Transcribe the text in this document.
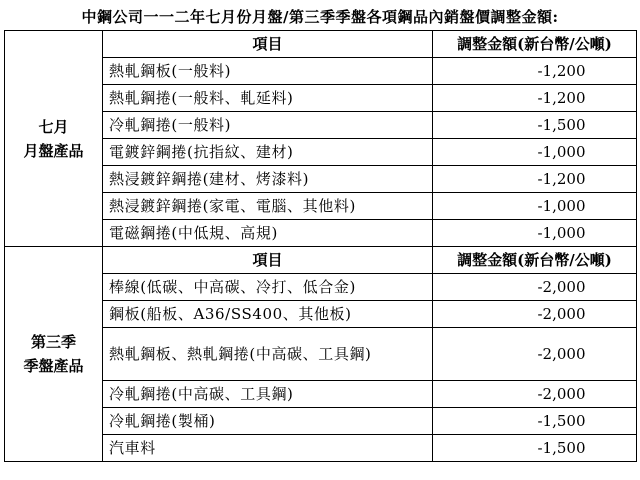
中鋼公司一一二年七月份月盤/第三季季盤各項鋼品內銷盤價調整金額:
七月
月盤產品	項目	調整金額(新台幣/公噸)
	熱軋鋼板(一般料)	-1,200
	熱軋鋼捲(一般料、軋延料)	-1,200
	冷軋鋼捲(一般料)	-1,500
	電鍍鋅鋼捲(抗指紋、建材)	-1,000
	熱浸鍍鋅鋼捲(建材、烤漆料)	-1,200
	熱浸鍍鋅鋼捲(家電、電腦、其他料)	-1,000
	電磁鋼捲(中低規、高規)	-1,000

第三季
季盤產品	項目	調整金額(新台幣/公噸)
	棒線(低碳、中高碳、冷打、低合金)	-2,000
	鋼板(船板、A36/SS400、其他板)	-2,000
	熱軋鋼板、熱軋鋼捲(中高碳、工具鋼)	-2,000
	冷軋鋼捲(中高碳、工具鋼)	-2,000
	冷軋鋼捲(製桶)	-1,500
	汽車料	-1,500
